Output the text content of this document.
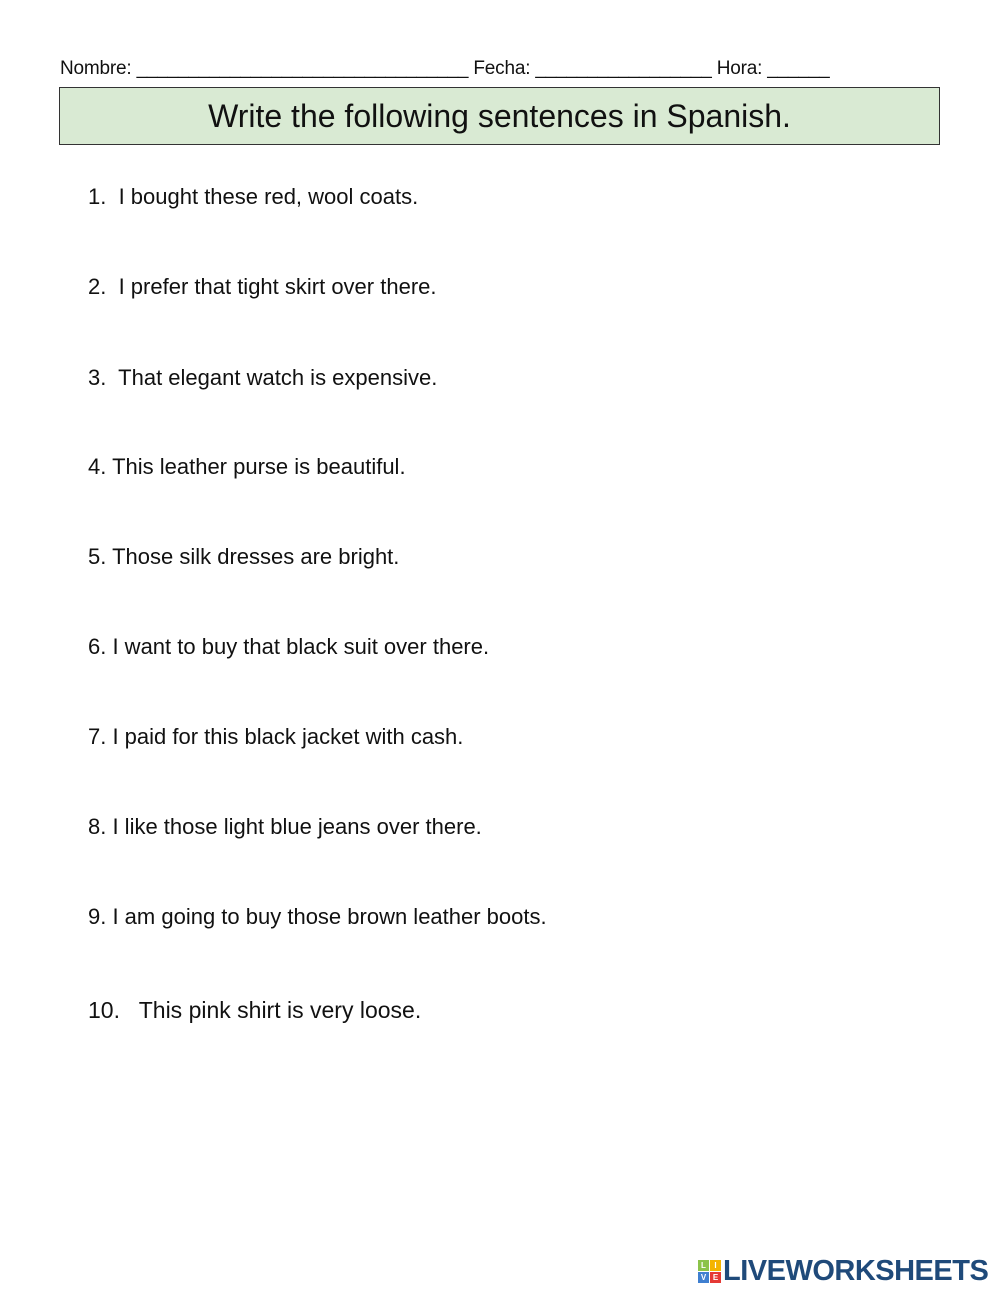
Nombre: ________________________________ Fecha: _________________ Hora: ______
Write the following sentences in Spanish.
1.  I bought these red, wool coats.
2.  I prefer that tight skirt over there.
3.  That elegant watch is expensive.
4. This leather purse is beautiful.
5. Those silk dresses are bright.
6. I want to buy that black suit over there.
7. I paid for this black jacket with cash.
8. I like those light blue jeans over there.
9. I am going to buy those brown leather boots.
10.   This pink shirt is very loose.
L	I
V E LIVEWORKSHEETS
